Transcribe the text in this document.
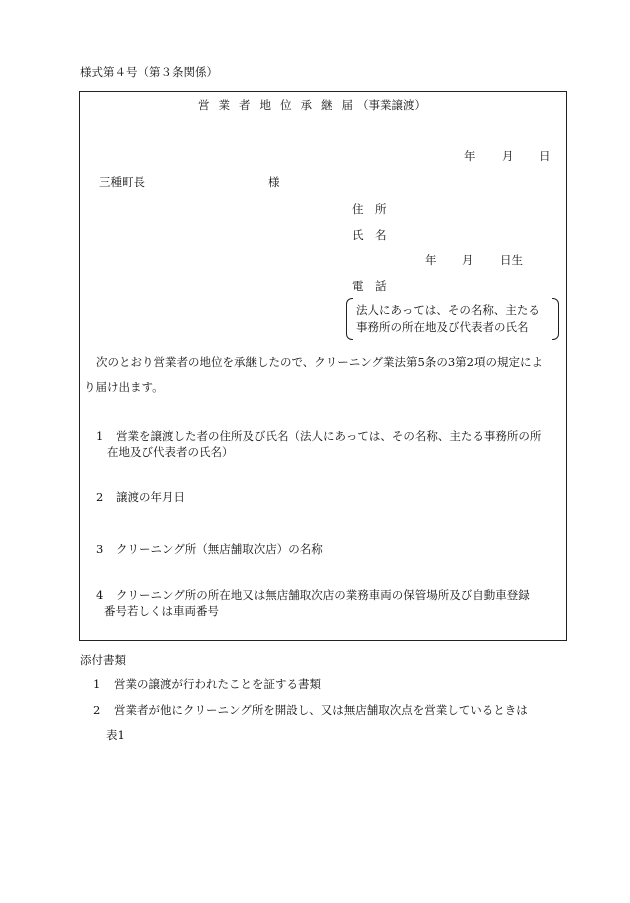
様式第４号（第３条関係）
営業者地位承継届
（事業譲渡）
年 月 日
三種町長	様
住　所
氏　名
年 月 日生
電　話
法人にあっては、その名称、主たる
事務所の所在地及び代表者の氏名
次のとおり営業者の地位を承継したので、クリーニング業法第5条の3第2項の規定によ
り届け出ます。
1 営業を譲渡した者の住所及び氏名（法人にあっては、その名称、主たる事務所の所
在地及び代表者の氏名）
2 譲渡の年月日
3 クリーニング所（無店舗取次店）の名称
4 クリーニング所の所在地又は無店舗取次店の業務車両の保管場所及び自動車登録
番号若しくは車両番号
添付書類
1 営業の譲渡が行われたことを証する書類
2 営業者が他にクリーニング所を開設し、又は無店舗取次点を営業しているときは
表1
